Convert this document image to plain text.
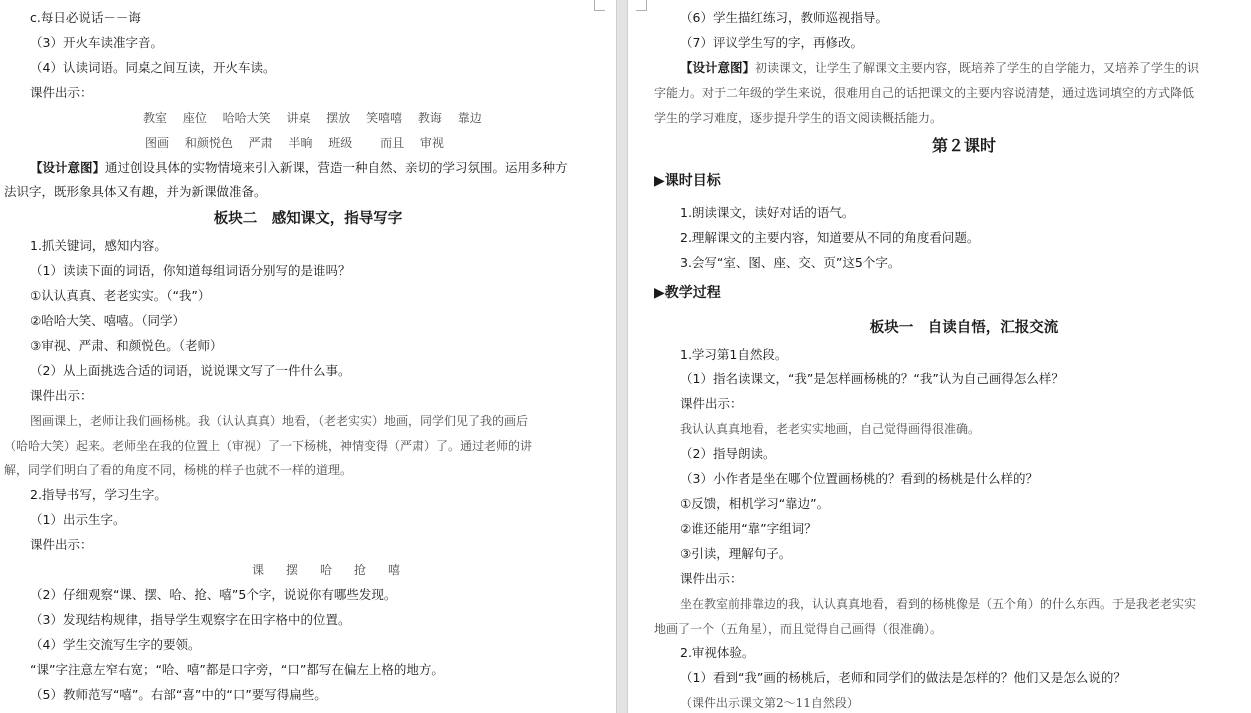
c.每日必说话－－诲
（3）开火车读准字音。
（4）认读词语。同桌之间互读，开火车读。
课件出示：
教室　 座位　 哈哈大笑　 讲桌　 摆放　 笑嘻嘻　 教诲　 靠边
图画　 和颜悦色　 严肃　 半晌　 班级　　 而且　 审视
【设计意图】通过创设具体的实物情境来引入新课，营造一种自然、亲切的学习氛围。运用多种方
法识字，既形象具体又有趣，并为新课做准备。
板块二　感知课文，指导写字
1.抓关键词，感知内容。
（1）读读下面的词语，你知道每组词语分别写的是谁吗？
①认认真真、老老实实。（“我”）
②哈哈大笑、嘻嘻。（同学）
③审视、严肃、和颜悦色。（老师）
（2）从上面挑选合适的词语，说说课文写了一件什么事。
课件出示：
图画课上，老师让我们画杨桃。我（认认真真）地看，（老老实实）地画，同学们见了我的画后
（哈哈大笑）起来。老师坐在我的位置上（审视）了一下杨桃，神情变得（严肃）了。通过老师的讲
解，同学们明白了看的角度不同，杨桃的样子也就不一样的道理。
2.指导书写，学习生字。
（1）出示生字。
课件出示：
课　摆　哈　抢　嘻
（2）仔细观察“课、摆、哈、抢、嘻”5个字，说说你有哪些发现。
（3）发现结构规律，指导学生观察字在田字格中的位置。
（4）学生交流写生字的要领。
“课”字注意左窄右宽；“哈、嘻”都是口字旁，“口”都写在偏左上格的地方。
（5）教师范写“嘻”。右部“喜”中的“口”要写得扁些。
（6）学生描红练习，教师巡视指导。
（7）评议学生写的字，再修改。
【设计意图】初读课文，让学生了解课文主要内容，既培养了学生的自学能力，又培养了学生的识
字能力。对于二年级的学生来说，很难用自己的话把课文的主要内容说清楚，通过选词填空的方式降低
学生的学习难度，逐步提升学生的语文阅读概括能力。
第２课时
▶课时目标
1.朗读课文，读好对话的语气。
2.理解课文的主要内容，知道要从不同的角度看问题。
3.会写“室、图、座、交、页”这5个字。
▶教学过程
板块一　自读自悟，汇报交流
1.学习第1自然段。
（1）指名读课文，“我”是怎样画杨桃的？“我”认为自己画得怎么样？
课件出示：
我认认真真地看，老老实实地画，自己觉得画得很准确。
（2）指导朗读。
（3）小作者是坐在哪个位置画杨桃的？看到的杨桃是什么样的？
①反馈，相机学习“靠边”。
②谁还能用“靠”字组词？
③引读，理解句子。
课件出示：
坐在教室前排靠边的我，认认真真地看，看到的杨桃像是（五个角）的什么东西。于是我老老实实
地画了一个（五角星），而且觉得自己画得（很准确）。
2.审视体验。
（1）看到“我”画的杨桃后，老师和同学们的做法是怎样的？他们又是怎么说的？
（课件出示课文第2～11自然段）
